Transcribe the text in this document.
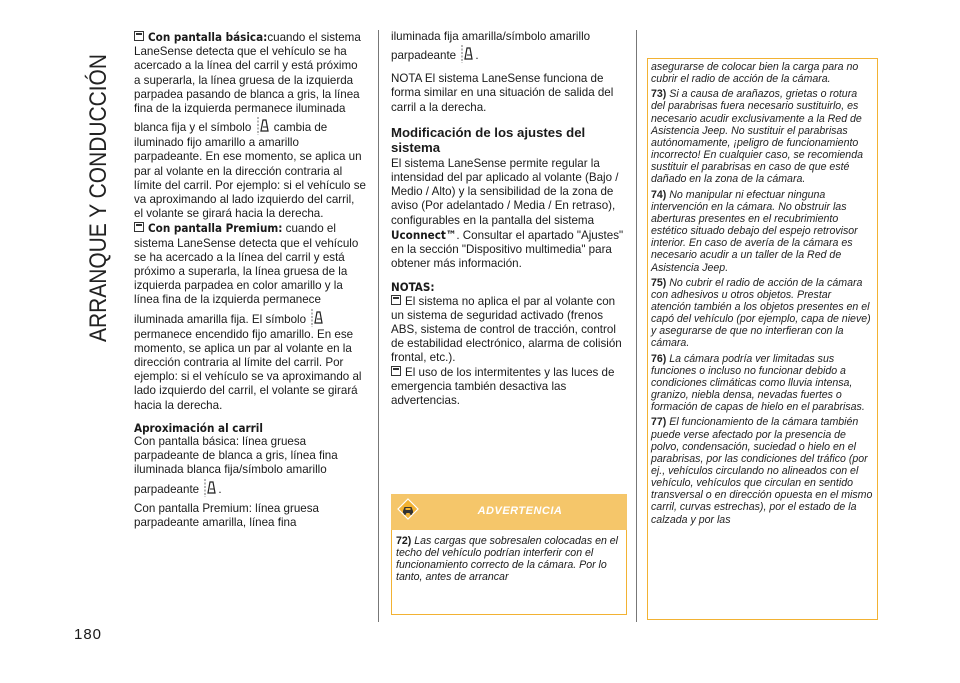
ARRANQUE Y CONDUCCIÓN	Con pantalla básica:cuando el sistema LaneSense detecta que el vehículo se ha acercado a la línea del carril y está próximo a superarla, la línea gruesa de la izquierda parpadea pasando de blanca a gris, la línea fina de la izquierda permanece iluminada blanca fija y el símbolo cambia de iluminado fijo amarillo a amarillo parpadeante. En ese momento, se aplica un par al volante en la dirección contraria al límite del carril. Por ejemplo: si el vehículo se va aproximando al lado izquierdo del carril, el volante se girará hacia la derecha.

Con pantalla Premium: cuando el sistema LaneSense detecta que el vehículo se ha acercado a la línea del carril y está próximo a superarla, la línea gruesa de la izquierda parpadea en color amarillo y la línea fina de la izquierda permanece iluminada amarilla fija. El símbolo  permanece encendido fijo amarillo. En ese momento, se aplica un par al volante en la dirección contraria al límite del carril. Por ejemplo: si el vehículo se va aproximando al lado izquierdo del carril, el volante se girará hacia la derecha.

Aproximación al carril

Con pantalla básica: línea gruesa parpadeante de blanca a gris, línea fina iluminada blanca fija/símbolo amarillo parpadeante .

Con pantalla Premium: línea gruesa parpadeante amarilla, línea fina

iluminada fija amarilla/símbolo amarillo parpadeante .

NOTA El sistema LaneSense funciona de forma similar en una situación de salida del carril a la derecha.

Modificación de los ajustes del sistema

El sistema LaneSense permite regular la intensidad del par aplicado al volante (Bajo / Medio / Alto) y la sensibilidad de la zona de aviso (Por adelantado / Media / En retraso), configurables en la pantalla del sistema Uconnect™. Consultar el apartado "Ajustes" en la sección "Dispositivo multimedia" para obtener más información.

NOTAS:

El sistema no aplica el par al volante con un sistema de seguridad activado (frenos ABS, sistema de control de tracción, control de estabilidad electrónico, alarma de colisión frontal, etc.).

El uso de los intermitentes y las luces de emergencia también desactiva las advertencias.

ADVERTENCIA
72) Las cargas que sobresalen colocadas en el techo del vehículo podrían interferir con el funcionamiento correcto de la cámara. Por lo tanto, antes de arrancar

asegurarse de colocar bien la carga para no cubrir el radio de acción de la cámara.

73) Si a causa de arañazos, grietas o rotura del parabrisas fuera necesario sustituirlo, es necesario acudir exclusivamente a la Red de Asistencia Jeep. No sustituir el parabrisas autónomamente, ¡peligro de funcionamiento incorrecto! En cualquier caso, se recomienda sustituir el parabrisas en caso de que esté dañado en la zona de la cámara.

74) No manipular ni efectuar ninguna intervención en la cámara. No obstruir las aberturas presentes en el recubrimiento estético situado debajo del espejo retrovisor interior. En caso de avería de la cámara es necesario acudir a un taller de la Red de Asistencia Jeep.

75) No cubrir el radio de acción de la cámara con adhesivos u otros objetos. Prestar atención también a los objetos presentes en el capó del vehículo (por ejemplo, capa de nieve) y asegurarse de que no interfieran con la cámara.

76) La cámara podría ver limitadas sus funciones o incluso no funcionar debido a condiciones climáticas como lluvia intensa, granizo, niebla densa, nevadas fuertes o formación de capas de hielo en el parabrisas.

77) El funcionamiento de la cámara también puede verse afectado por la presencia de polvo, condensación, suciedad o hielo en el parabrisas, por las condiciones del tráfico (por ej., vehículos circulando no alineados con el vehículo, vehículos que circulan en sentido transversal o en dirección opuesta en el mismo carril, curvas estrechas), por el estado de la calzada y por las

180
